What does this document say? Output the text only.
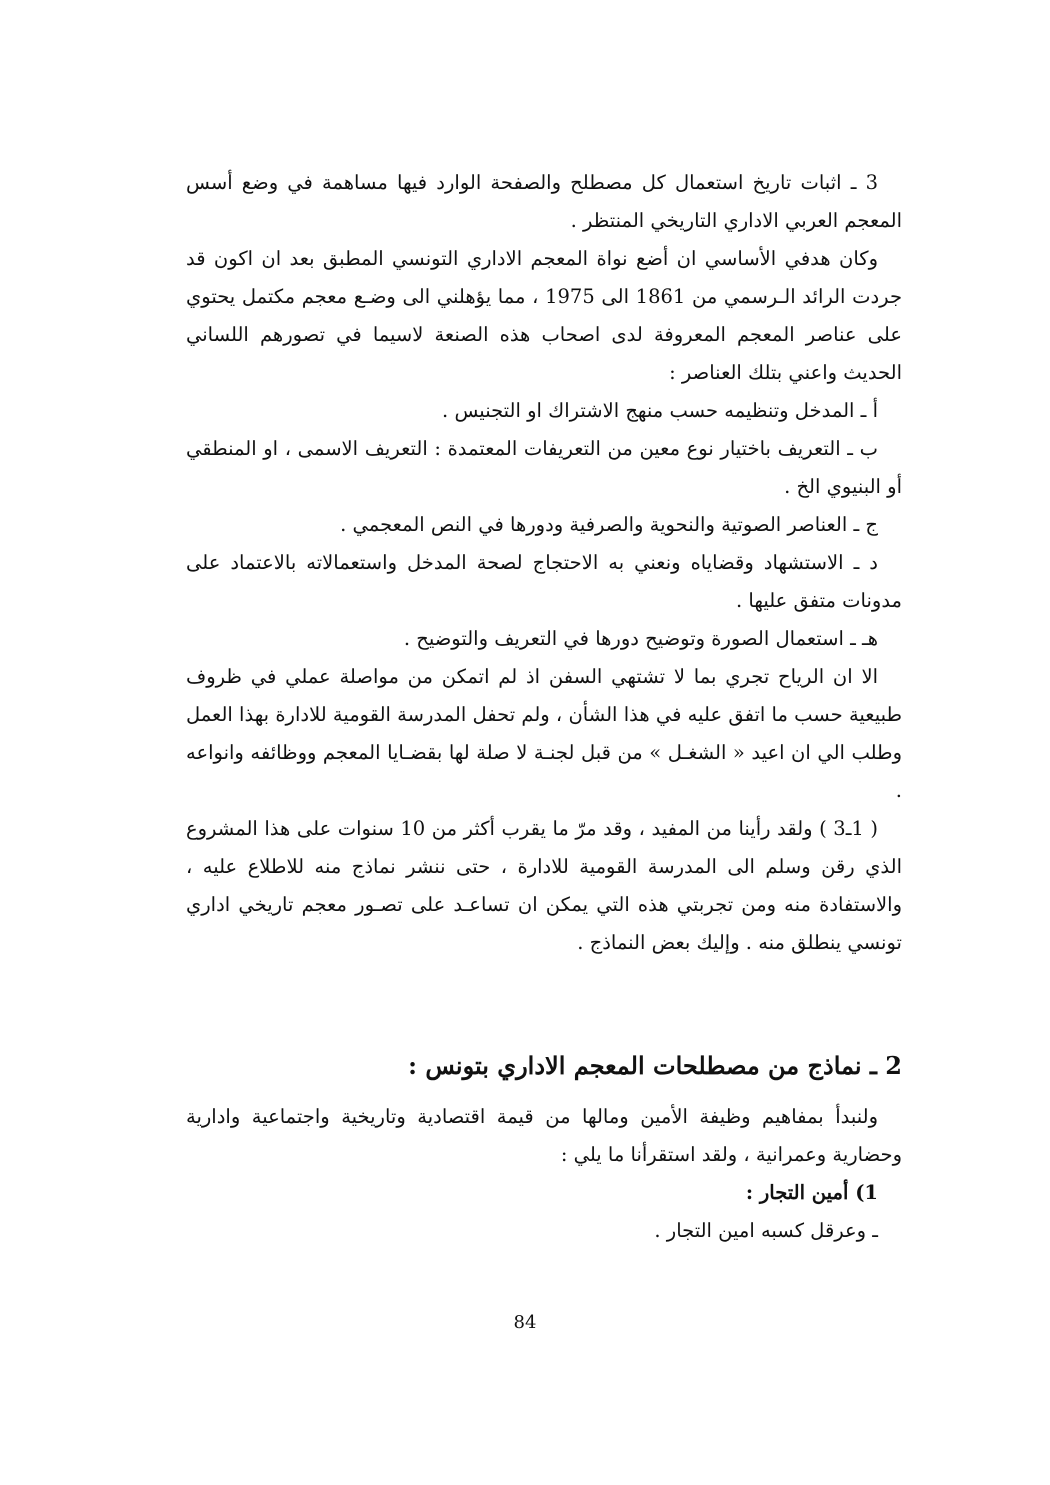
3 ـ اثبات تاريخ استعمال كل مصطلح والصفحة الوارد فيها مساهمة في وضع أسس المعجم العربي الاداري التاريخي المنتظر .

وكان هدفي الأساسي ان أضع نواة المعجم الاداري التونسي المطبق بعد ان اكون قد جردت الرائد الـرسمي من 1861 الى 1975 ، مما يؤهلني الى وضـع معجم مكتمل يحتوي على عناصر المعجم المعروفة لدى اصحاب هذه الصنعة لاسيما في تصورهم اللساني الحديث واعني بتلك العناصر :

أ ـ المدخل وتنظيمه حسب منهج الاشتراك او التجنيس .

ب ـ التعريف باختيار نوع معين من التعريفات المعتمدة : التعريف الاسمى ، او المنطقي أو البنيوي الخ .

ج ـ العناصر الصوتية والنحوية والصرفية ودورها في النص المعجمي .

د ـ الاستشهاد وقضاياه ونعني به الاحتجاج لصحة المدخل واستعمالاته بالاعتماد على مدونات متفق عليها .

هـ ـ استعمال الصورة وتوضيح دورها في التعريف والتوضيح .

الا ان الرياح تجري بما لا تشتهي السفن اذ لم اتمكن من مواصلة عملي في ظروف طبيعية حسب ما اتفق عليه في هذا الشأن ، ولم تحفل المدرسة القومية للادارة بهذا العمل وطلب الي ان اعيد « الشغـل » من قبل لجنـة لا صلة لها بقضـايا المعجم ووظائفه وانواعه .

( 1ـ3 ) ولقد رأينا من المفيد ، وقد مرّ ما يقرب أكثر من 10 سنوات على هذا المشروع الذي رقن وسلم الى المدرسة القومية للادارة ، حتى ننشر نماذج منه للاطلاع عليه ، والاستفادة منه ومن تجربتي هذه التي يمكن ان تساعـد على تصـور معجم تاريخي اداري تونسي ينطلق منه . وإليك بعض النماذج .

2 ـ نماذج من مصطلحات المعجم الاداري بتونس :

ولنبدأ بمفاهيم وظيفة الأمين ومالها من قيمة اقتصادية وتاريخية واجتماعية وادارية وحضارية وعمرانية ، ولقد استقرأنا ما يلي :

1) أمين التجار :

ـ وعرقل كسبه امين التجار .

84
